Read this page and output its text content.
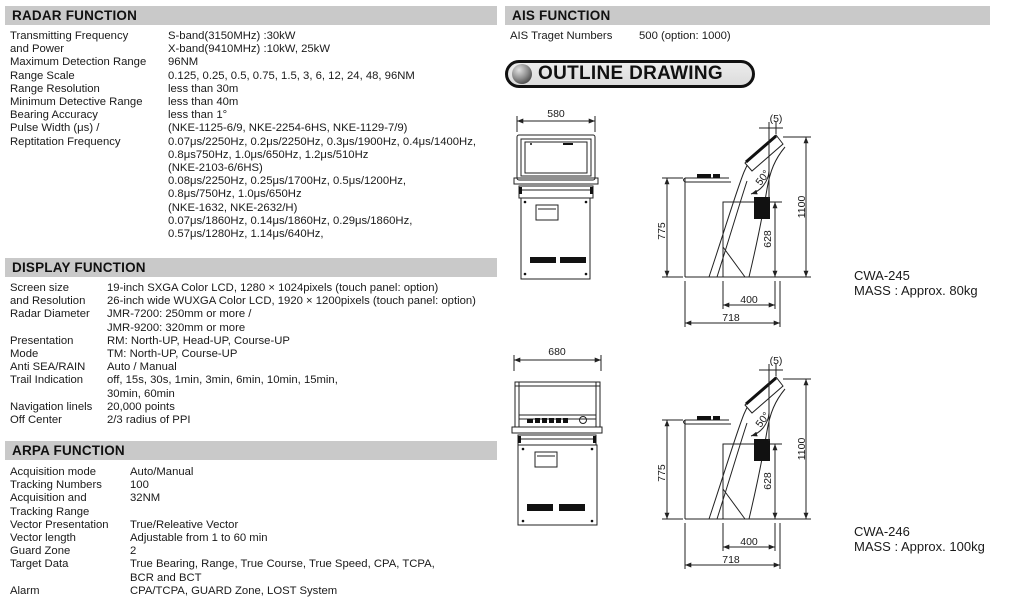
RADAR FUNCTION
Transmitting Frequency	S-band(3150MHz) :30kW
and Power	X-band(9410MHz) :10kW, 25kW
Maximum Detection Range	96NM
Range Scale	0.125, 0.25, 0.5, 0.75, 1.5, 3, 6, 12, 24, 48, 96NM
Range Resolution	less than 30m
Minimum Detective Range	less than 40m
Bearing Accuracy	less than 1°
Pulse Width (μs) /	(NKE-1125-6/9, NKE-2254-6HS, NKE-1129-7/9)
Reptitation Frequency	0.07μs/2250Hz, 0.2μs/2250Hz, 0.3μs/1900Hz, 0.4μs/1400Hz,
0.8μs750Hz, 1.0μs/650Hz, 1.2μs/510Hz
(NKE-2103-6/6HS)
0.08μs/2250Hz, 0.25μs/1700Hz, 0.5μs/1200Hz,
0.8μs/750Hz, 1.0μs/650Hz
(NKE-1632, NKE-2632/H)
0.07μs/1860Hz, 0.14μs/1860Hz, 0.29μs/1860Hz,
0.57μs/1280Hz, 1.14μs/640Hz,
DISPLAY FUNCTION
Screen size	19-inch SXGA Color LCD, 1280 × 1024pixels (touch panel: option)
and Resolution	26-inch wide WUXGA Color LCD, 1920 × 1200pixels (touch panel: option)
Radar Diameter	JMR-7200: 250mm or more /
JMR-9200: 320mm or more
Presentation	RM: North-UP, Head-UP, Course-UP
Mode	TM: North-UP, Course-UP
Anti SEA/RAIN	Auto / Manual
Trail Indication	off, 15s, 30s, 1min, 3min, 6min, 10min, 15min,
30min, 60min
Navigation linels	20,000 points
Off Center	2/3 radius of PPI
ARPA FUNCTION
Acquisition mode	Auto/Manual
Tracking Numbers	100
Acquisition and	32NM
Tracking Range
Vector Presentation	True/Releative Vector
Vector length	Adjustable from 1 to 60 min
Guard Zone	2
Target Data	True Bearing, Range, True Course, True Speed, CPA, TCPA,
BCR and BCT
Alarm	CPA/TCPA, GUARD Zone, LOST System
AIS FUNCTION
AIS Traget Numbers	500 (option: 1000)
OUTLINE DRAWING
580	(5)
50°
1100
628
775
400
718
CWA-245
MASS : Approx. 80kg
680
(5)
50°
1100
628
775
400
718
CWA-246
MASS : Approx. 100kg
